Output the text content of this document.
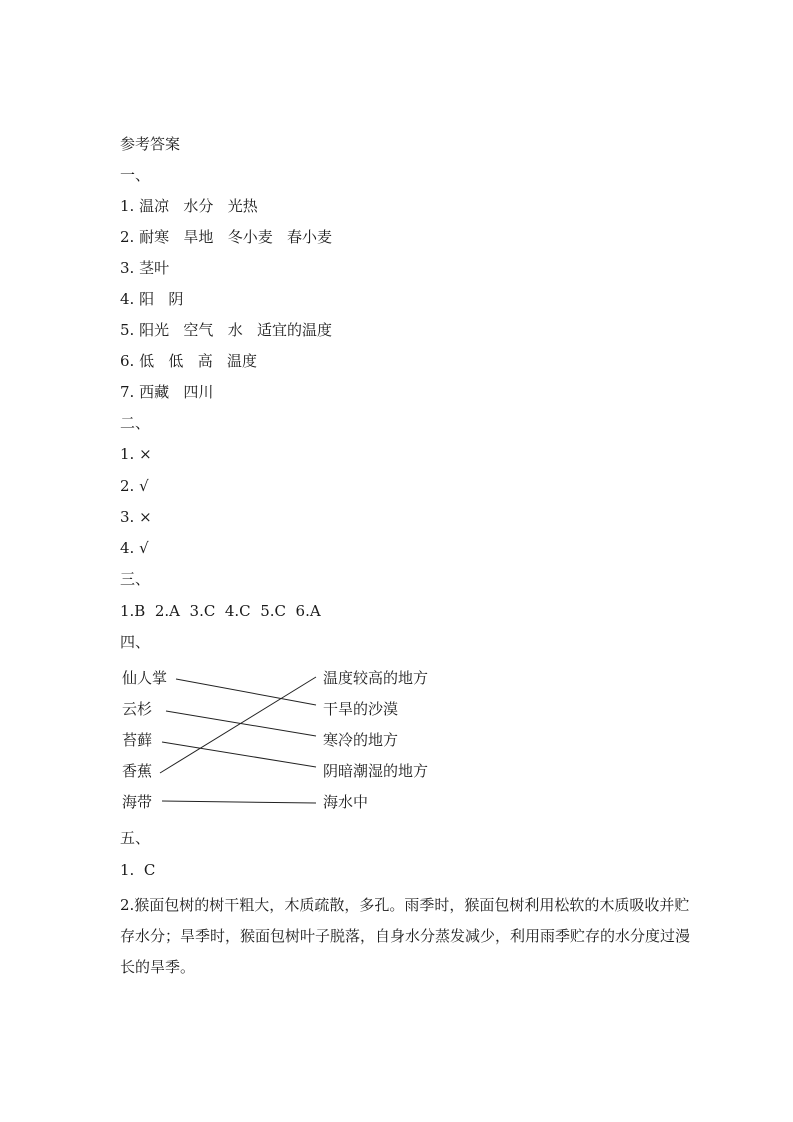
参考答案
一、
1. 温凉   水分   光热
2. 耐寒   旱地   冬小麦   春小麦
3. 茎叶
4. 阳   阴
5. 阳光   空气   水   适宜的温度
6. 低   低   高   温度
7. 西藏   四川
二、
1. ×
2. √
3. ×
4. √
三、
1.B  2.A  3.C  4.C  5.C  6.A
四、
仙人掌
云杉
苔藓
香蕉
海带
温度较高的地方
干旱的沙漠
寒冷的地方
阴暗潮湿的地方
海水中
五、
1.  C

2.猴面包树的树干粗大，木质疏散，多孔。雨季时，猴面包树利用松软的木质吸收并贮存水分；旱季时，猴面包树叶子脱落，自身水分蒸发减少，利用雨季贮存的水分度过漫长的旱季。
